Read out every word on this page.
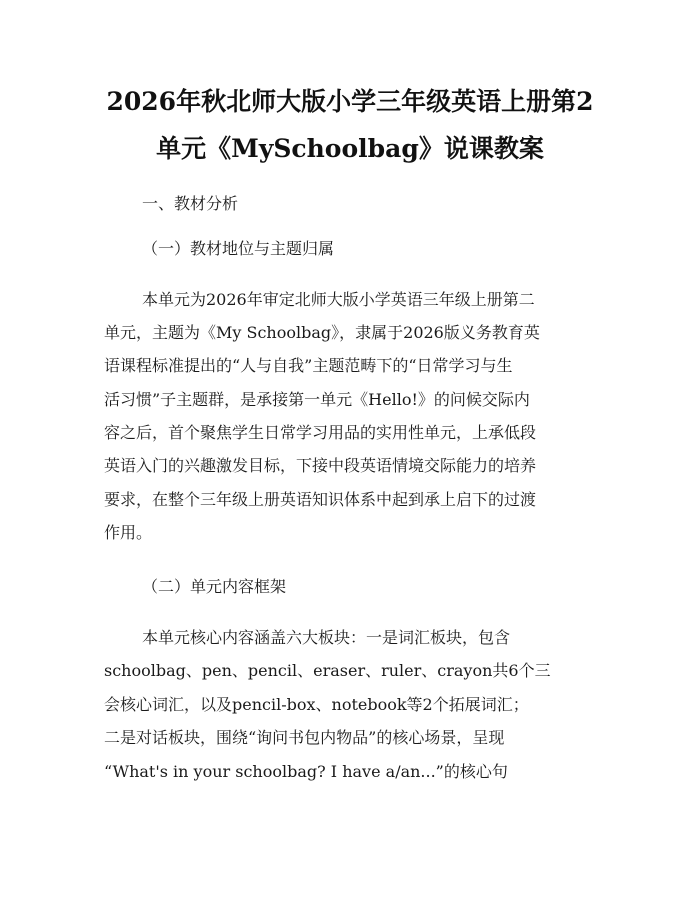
2026年秋北师大版小学三年级英语上册第2
单元《MySchoolbag》说课教案
一、教材分析
（一）教材地位与主题归属
本单元为2026年审定北师大版小学英语三年级上册第二
单元，主题为《My Schoolbag》，隶属于2026版义务教育英
语课程标准提出的“人与自我”主题范畴下的“日常学习与生
活习惯”子主题群，是承接第一单元《Hello!》的问候交际内
容之后，首个聚焦学生日常学习用品的实用性单元，上承低段
英语入门的兴趣激发目标，下接中段英语情境交际能力的培养
要求，在整个三年级上册英语知识体系中起到承上启下的过渡
作用。
（二）单元内容框架
本单元核心内容涵盖六大板块：一是词汇板块，包含
schoolbag、pen、pencil、eraser、ruler、crayon共6个三
会核心词汇，以及pencil-box、notebook等2个拓展词汇；
二是对话板块，围绕“询问书包内物品”的核心场景，呈现
“What's in your schoolbag? I have a/an...”的核心句
